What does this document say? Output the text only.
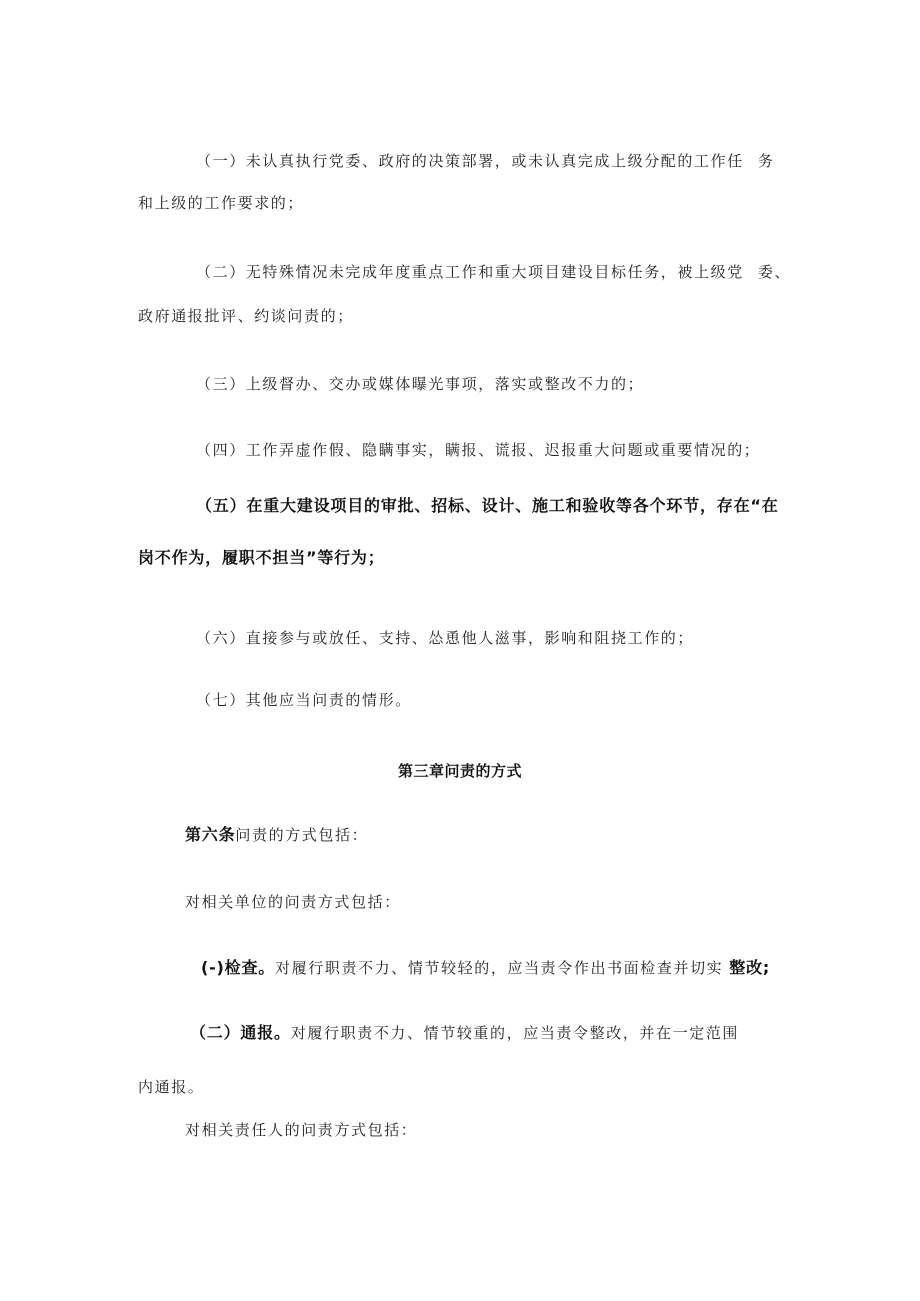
（一）未认真执行党委、政府的决策部署，或未认真完成上级分配的工作任 务
和上级的工作要求的；
（二）无特殊情况未完成年度重点工作和重大项目建设目标任务，被上级党 委、
政府通报批评、约谈问责的；
（三）上级督办、交办或媒体曝光事项，落实或整改不力的；
（四）工作弄虚作假、隐瞒事实，瞒报、谎报、迟报重大问题或重要情况的；
（五）在重大建设项目的审批、招标、设计、施工和验收等各个环节，存在“在
岗不作为，履职不担当”等行为；
（六）直接参与或放任、支持、怂恿他人滋事，影响和阻挠工作的；
（七）其他应当问责的情形。
第三章问责的方式
第六条问责的方式包括：
对相关单位的问责方式包括：
(-)检查。对履行职责不力、情节较轻的，应当责令作出书面检查并切实 整改;
（二）通报。对履行职责不力、情节较重的，应当责令整改，并在一定范围
内通报。
对相关责任人的问责方式包括：
